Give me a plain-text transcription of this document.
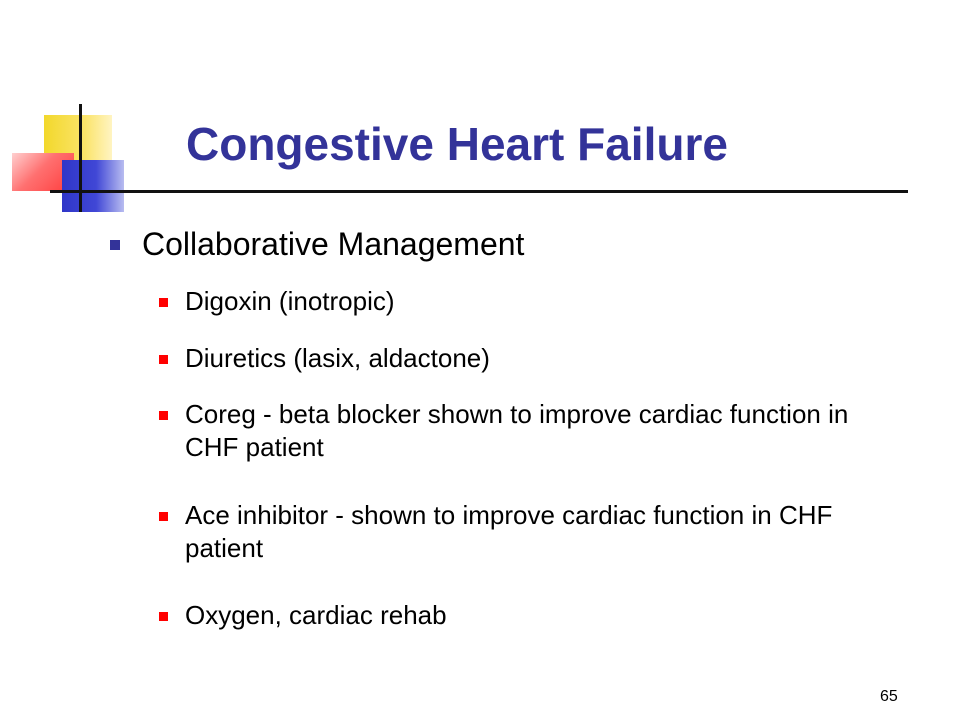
Congestive Heart Failure
Collaborative Management
Digoxin (inotropic)
Diuretics (lasix, aldactone)
Coreg - beta blocker shown to improve cardiac function in CHF patient
Ace inhibitor - shown to improve cardiac function in CHF patient
Oxygen, cardiac rehab
65
